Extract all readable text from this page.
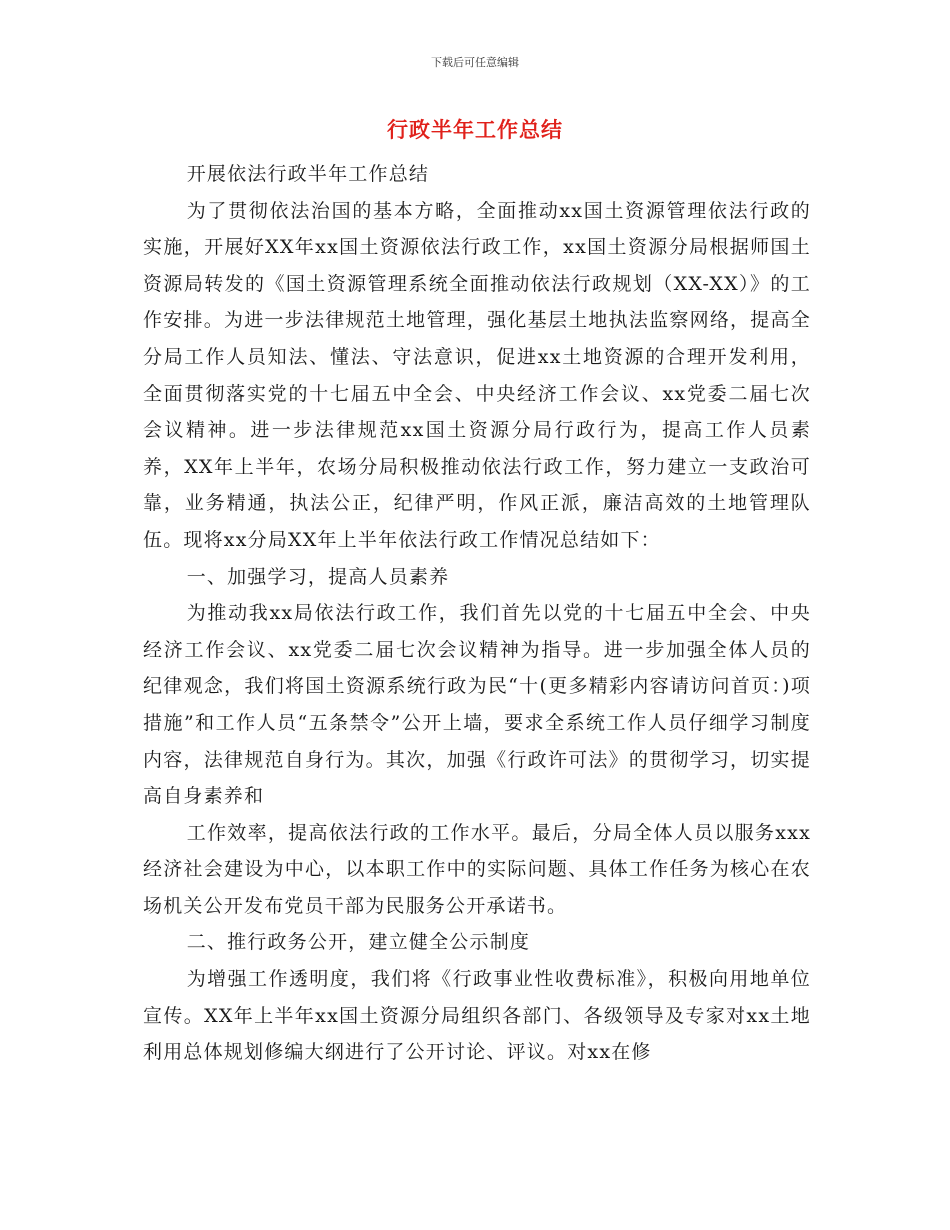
下载后可任意编辑
行政半年工作总结

开展依法行政半年工作总结

为了贯彻依法治国的基本方略，全面推动xx国土资源管理依法行政的实施，开展好XX年xx国土资源依法行政工作，xx国土资源分局根据师国土资源局转发的《国土资源管理系统全面推动依法行政规划（XX-XX）》的工作安排。为进一步法律规范土地管理，强化基层土地执法监察网络，提高全分局工作人员知法、懂法、守法意识，促进xx土地资源的合理开发利用，全面贯彻落实党的十七届五中全会、中央经济工作会议、xx党委二届七次会议精神。进一步法律规范xx国土资源分局行政行为，提高工作人员素养，XX年上半年，农场分局积极推动依法行政工作，努力建立一支政治可靠，业务精通，执法公正，纪律严明，作风正派，廉洁高效的土地管理队伍。现将xx分局XX年上半年依法行政工作情况总结如下：

一、加强学习，提高人员素养

为推动我xx局依法行政工作，我们首先以党的十七届五中全会、中央经济工作会议、xx党委二届七次会议精神为指导。进一步加强全体人员的纪律观念，我们将国土资源系统行政为民“十(更多精彩内容请访问首页：)项措施”和工作人员“五条禁令”公开上墙，要求全系统工作人员仔细学习制度内容，法律规范自身行为。其次，加强《行政许可法》的贯彻学习，切实提高自身素养和

工作效率，提高依法行政的工作水平。最后，分局全体人员以服务xxx经济社会建设为中心，以本职工作中的实际问题、具体工作任务为核心在农场机关公开发布党员干部为民服务公开承诺书。

二、推行政务公开，建立健全公示制度

为增强工作透明度，我们将《行政事业性收费标准》，积极向用地单位宣传。XX年上半年xx国土资源分局组织各部门、各级领导及专家对xx土地利用总体规划修编大纲进行了公开讨论、评议。对xx在修
